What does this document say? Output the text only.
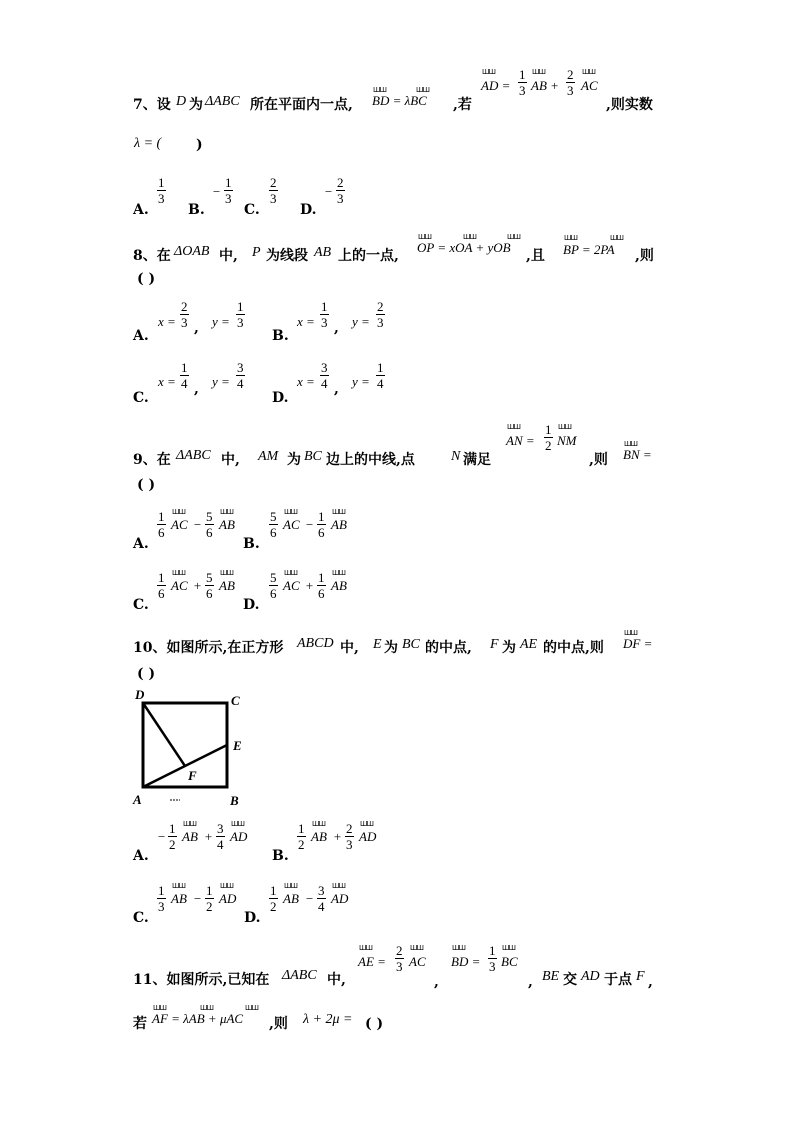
7、设 D 为 ΔABC 所在平面内一点,
ШШ	ШШ
BD = λBC ,若
ШШ
AD =
1
3
ШШ
AB +
2
3
ШШ
AC
,则实数
λ = ( )
A.
1
3
B.
−
1
3
C.
2
3
D.
−
2
3
8、在 ΔOAB 中, P 为线段 AB 上的一点,
ШШ	ШШ	ШШ
OP = xOA + yOB
,且
ШШ	ШШ
BP = 2PA ,则
( )
A.
x =
2
3 , y =
1
3
B.
x =
1
3 , y =
2
3
C.
x =
1
4 , y =
3
4
D.
x =
3
4 , y =
1
4
9、在 ΔABC 中, AM 为 BC 边上的中线,点	N 满足
ШШ
AN =
1
2
ШШ
NM
,则
ШШ
BN =
( )
A.
1
6
ШШ
AC −
5
6
ШШ
AB
B.
5
6
ШШ
AC −
1
6
ШШ
AB
C.
1
6
ШШ
AC +
5
6
ШШ
AB
D.
5
6
ШШ
AC +
1
6
ШШ
AB
10、如图所示,在正方形 ABCD 中, E 为 BC 的中点, F 为 AE 的中点,则
ШШ
DF =
( )
D	C
E
F
A	B
A.
−
1
2
ШШ
AB +
3
4
ШШ
AD
B.
1
2
ШШ
AB +
2
3
ШШ
AD
C.
1
3
ШШ
AB −
1
2
ШШ
AD
D.
1
2
ШШ
AB −
3
4
ШШ
AD
11、如图所示,已知在 ΔABC 中,
ШШ
AE =
2
3
ШШ
AC
,
ШШ
BD =
1
3
ШШ
BC
, BE 交 AD 于点 F ,
若
ШШ	ШШ	ШШ
AF = λAB + μAC ,则 λ + 2μ = ( )
